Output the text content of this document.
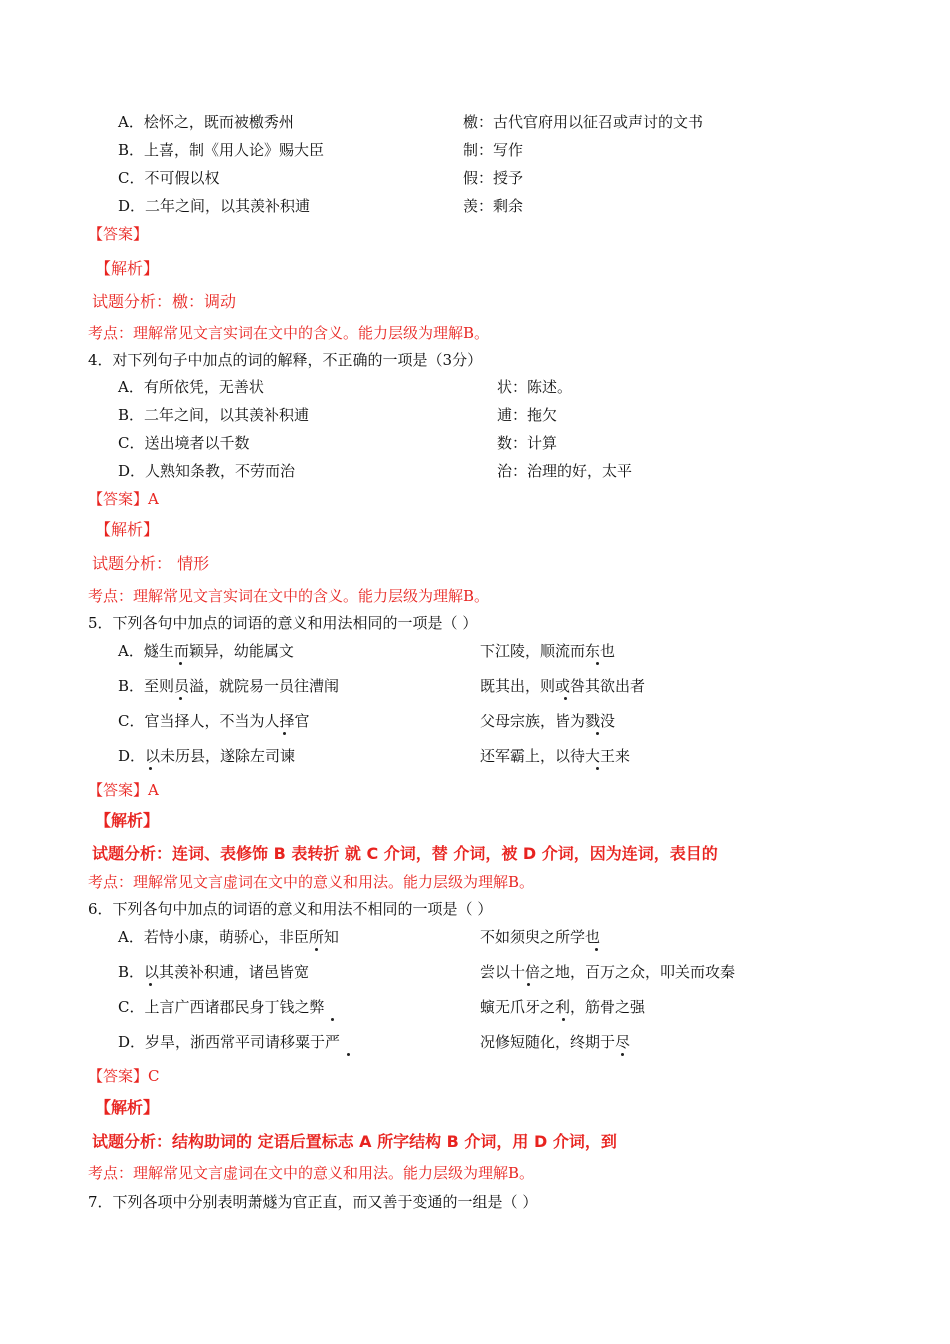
A．桧怀之，既而被檄秀州	檄：古代官府用以征召或声讨的文书
B．上喜，制《用人论》赐大臣	制：写作
C．不可假以权	假：授予
D．二年之间，以其羡补积逋	羡：剩余
【答案】
【解析】
试题分析：檄：调动
考点：理解常见文言实词在文中的含义。能力层级为理解B。
4．对下列句子中加点的词的解释，不正确的一项是（3分）
A．有所依凭，无善状	状：陈述。
B．二年之间，以其羡补积逋	逋：拖欠
C．送出境者以千数	数：计算
D．人熟知条教，不劳而治	治：治理的好，太平
【答案】A
【解析】
试题分析： 情形
考点：理解常见文言实词在文中的含义。能力层级为理解B。
5．下列各句中加点的词语的意义和用法相同的一项是（ ）
A．燧生而颖异，幼能属文	下江陵，顺流而东也
B．至则员溢，就院易一员往漕闱	既其出，则或咎其欲出者
C．官当择人，不当为人择官	父母宗族，皆为戮没
D．以未历县，遂除左司谏	还军霸上，以待大王来
【答案】A
【解析】
试题分析：连词、表修饰 B 表转折 就 C 介词，替 介词，被 D 介词，因为连词，表目的
考点：理解常见文言虚词在文中的意义和用法。能力层级为理解B。
6．下列各句中加点的词语的意义和用法不相同的一项是（ ）
A．若恃小康，萌骄心，非臣所知	不如须臾之所学也
B．以其羡补积逋，诸邑皆宽	尝以十倍之地，百万之众，叩关而攻秦
C．上言广西诸郡民身丁钱之弊	螾无爪牙之利，筋骨之强
D．岁旱，浙西常平司请移粟于严	况修短随化，终期于尽
【答案】C
【解析】
试题分析：结构助词的 定语后置标志 A 所字结构 B 介词，用 D 介词，到
考点：理解常见文言虚词在文中的意义和用法。能力层级为理解B。
7．下列各项中分别表明萧燧为官正直，而又善于变通的一组是（ ）
